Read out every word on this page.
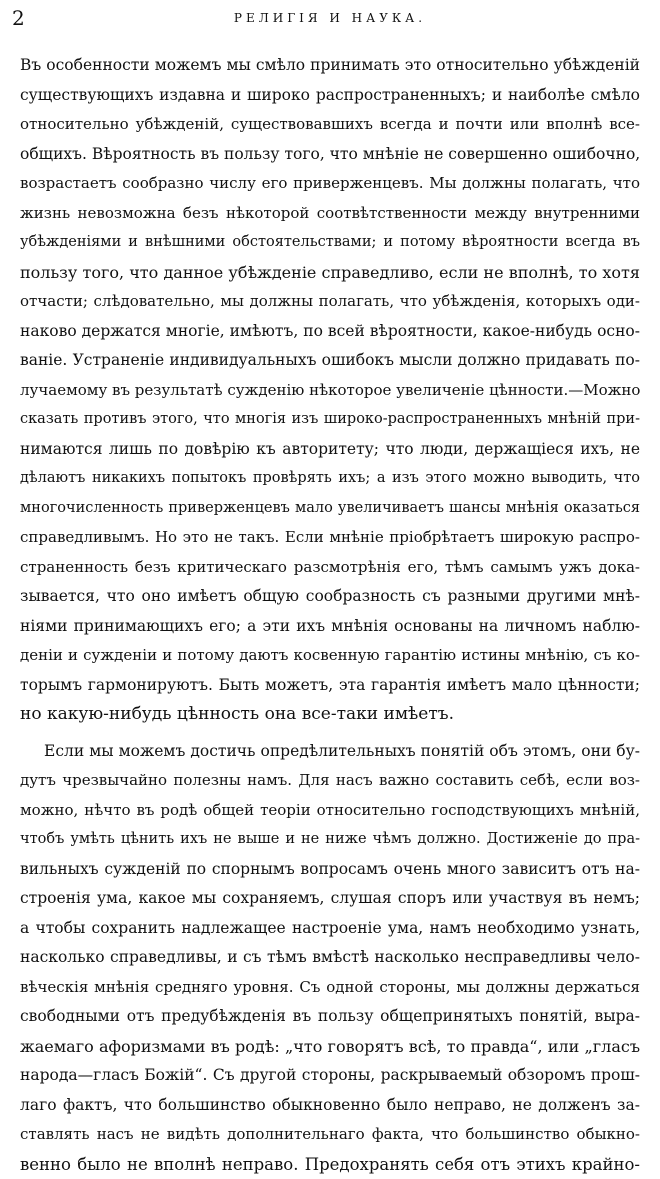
2	РЕЛИГІЯ И НАУКА.
Въ особенности можемъ мы смѣло принимать это относительно убѣжденій
существующихъ издавна и широко распространенныхъ; и наиболѣе смѣло
относительно убѣжденій, существовавшихъ всегда и почти или вполнѣ все-
общихъ. Вѣроятность въ пользу того, что мнѣніе не совершенно ошибочно,
возрастаетъ сообразно числу его приверженцевъ. Мы должны полагать, что
жизнь невозможна безъ нѣкоторой соотвѣтственности между внутренними
убѣжденіями и внѣшними обстоятельствами; и потому вѣроятности всегда въ
пользу того, что данное убѣжденіе справедливо, если не вполнѣ, то хотя
отчасти; слѣдовательно, мы должны полагать, что убѣжденія, которыхъ оди-
наково держатся многіе, имѣютъ, по всей вѣроятности, какое-нибудь осно-
ваніе. Устраненіе индивидуальныхъ ошибокъ мысли должно придавать по-
лучаемому въ результатѣ сужденію нѣкоторое увеличеніе цѣнности.—Можно
сказать противъ этого, что многія изъ широко-распространенныхъ мнѣній при-
нимаются лишь по довѣрію къ авторитету; что люди, держащіеся ихъ, не
дѣлаютъ никакихъ попытокъ провѣрять ихъ; а изъ этого можно выводить, что
многочисленность приверженцевъ мало увеличиваетъ шансы мнѣнія оказаться
справедливымъ. Но это не такъ. Если мнѣніе пріобрѣтаетъ широкую распро-
страненность безъ критическаго разсмотрѣнія его, тѣмъ самымъ ужъ дока-
зывается, что оно имѣетъ общую сообразность съ разными другими мнѣ-
ніями принимающихъ его; а эти ихъ мнѣнія основаны на личномъ наблю-
деніи и сужденіи и потому даютъ косвенную гарантію истины мнѣнію, съ ко-
торымъ гармонируютъ. Быть можетъ, эта гарантія имѣетъ мало цѣнности;
но какую-нибудь цѣнность она все-таки имѣетъ.
Если мы можемъ достичь опредѣлительныхъ понятій объ этомъ, они бу-
дутъ чрезвычайно полезны намъ. Для насъ важно составить себѣ, если воз-
можно, нѣчто въ родѣ общей теоріи относительно господствующихъ мнѣній,
чтобъ умѣть цѣнить ихъ не выше и не ниже чѣмъ должно. Достиженіе до пра-
вильныхъ сужденій по спорнымъ вопросамъ очень много зависитъ отъ на-
строенія ума, какое мы сохраняемъ, слушая споръ или участвуя въ немъ;
а чтобы сохранить надлежащее настроеніе ума, намъ необходимо узнать,
насколько справедливы, и съ тѣмъ вмѣстѣ насколько несправедливы чело-
вѣческія мнѣнія средняго уровня. Съ одной стороны, мы должны держаться
свободными отъ предубѣжденія въ пользу общепринятыхъ понятій, выра-
жаемаго афоризмами въ родѣ: „что говорятъ всѣ, то правда“, или „гласъ
народа—гласъ Божій“. Съ другой стороны, раскрываемый обзоромъ прош-
лаго фактъ, что большинство обыкновенно было неправо, не долженъ за-
ставлять насъ не видѣть дополнительнаго факта, что большинство обыкно-
венно было не вполнѣ неправо. Предохранять себя отъ этихъ крайно-
